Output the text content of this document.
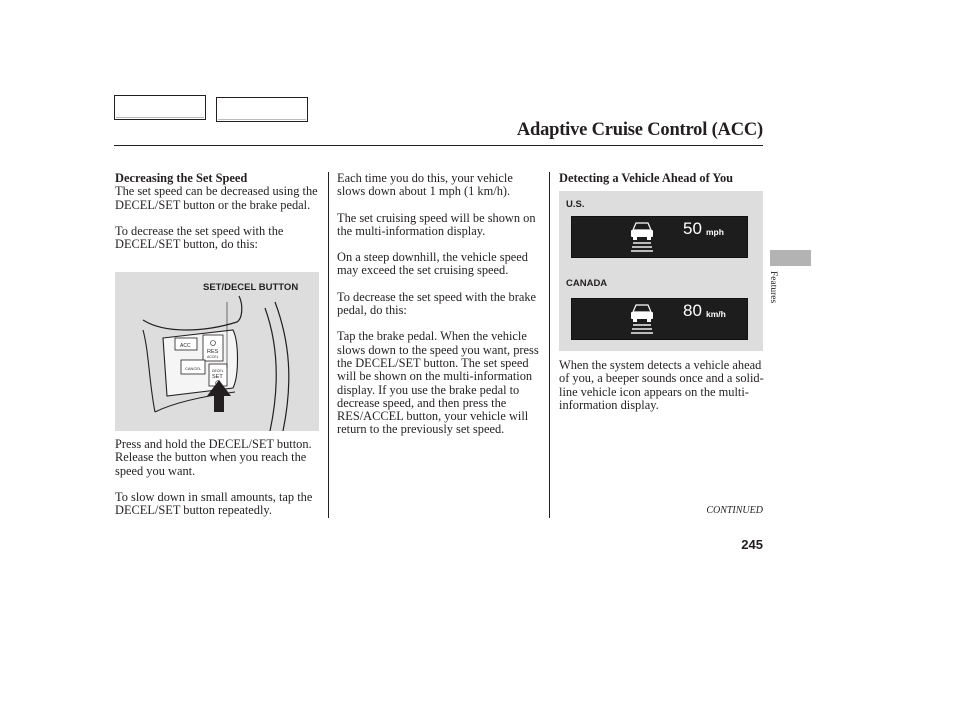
Adaptive Cruise Control (ACC)

Decreasing the Set Speed

The set speed can be decreased using the DECEL/SET button or the brake pedal.

To decrease the set speed with the DECEL/SET button, do this:

SET/DECEL BUTTON
ACC
RES
ACCEL
CANCEL	DECEL
SET

Press and hold the DECEL/SET button. Release the button when you reach the speed you want.

To slow down in small amounts, tap the DECEL/SET button repeatedly.

Each time you do this, your vehicle slows down about 1 mph (1 km/h).

The set cruising speed will be shown on the multi-information display.

On a steep downhill, the vehicle speed may exceed the set cruising speed.

To decrease the set speed with the brake pedal, do this:

Tap the brake pedal. When the vehicle slows down to the speed you want, press the DECEL/SET button. The set speed will be shown on the multi-information display. If you use the brake pedal to decrease speed, and then press the RES/ACCEL button, your vehicle will return to the previously set speed.

Detecting a Vehicle Ahead of You

U.S.
50 mph
CANADA
80 km/h

When the system detects a vehicle ahead of you, a beeper sounds once and a solid-line vehicle icon appears on the multi-information display.

Features
CONTINUED
245
